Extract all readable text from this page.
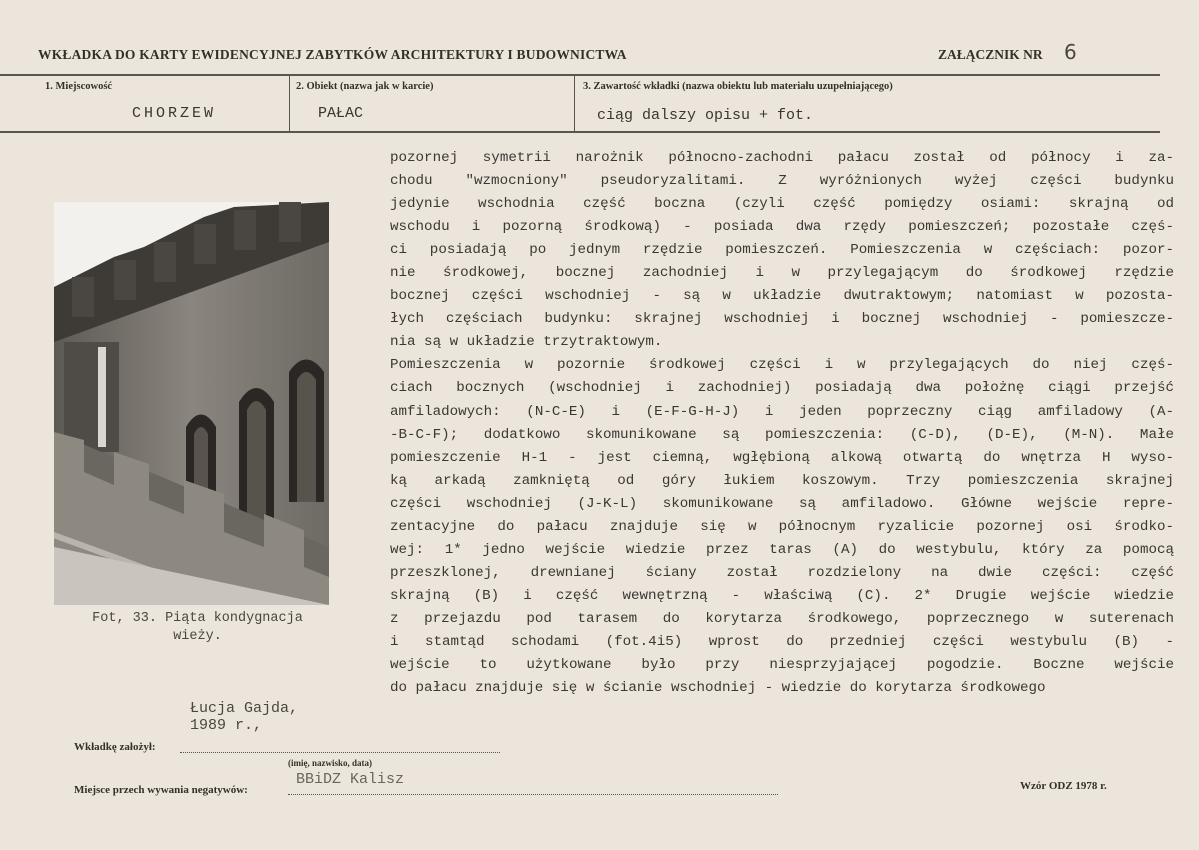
WKŁADKA DO KARTY EWIDENCYJNEJ ZABYTKÓW ARCHITEKTURY I BUDOWNICTWA	ZAŁĄCZNIK NR 6
1. Miejscowość
CHORZEW
2. Obiekt (nazwa jak w karcie)
PAŁAC
3. Zawartość wkładki (nazwa obiektu lub materiału uzupełniającego)
ciąg dalszy opisu + fot.
Fot, 33. Piąta kondygnacja
wieży.
pozornej symetrii narożnik północno-zachodni pałacu został od północy i za-
chodu "wzmocniony" pseudoryzalitami. Z wyróżnionych wyżej części budynku
jedynie wschodnia część boczna (czyli część pomiędzy osiami: skrajną od
wschodu i pozorną środkową) - posiada dwa rzędy pomieszczeń; pozostałe częś-
ci posiadają po jednym rzędzie pomieszczeń. Pomieszczenia w częściach: pozor-
nie środkowej, bocznej zachodniej i w przylegającym do środkowej rzędzie
bocznej części wschodniej - są w układzie dwutraktowym; natomiast w pozosta-
łych częściach budynku: skrajnej wschodniej i bocznej wschodniej - pomieszcze-
nia są w układzie trzytraktowym.
Pomieszczenia w pozornie środkowej części i w przylegających do niej częś-
ciach bocznych (wschodniej i zachodniej) posiadają dwa położnę ciągi przejść
amfiladowych: (N-C-E) i (E-F-G-H-J) i jeden poprzeczny ciąg amfiladowy (A-
-B-C-F); dodatkowo skomunikowane są pomieszczenia: (C-D), (D-E), (M-N). Małe
pomieszczenie H-1 - jest ciemną, wgłębioną alkową otwartą do wnętrza H wyso-
ką arkadą zamkniętą od góry łukiem koszowym. Trzy pomieszczenia skrajnej
części wschodniej (J-K-L) skomunikowane są amfiladowo. Główne wejście repre-
zentacyjne do pałacu znajduje się w północnym ryzalicie pozornej osi środko-
wej: 1* jedno wejście wiedzie przez taras (A) do westybulu, który za pomocą
przeszklonej, drewnianej ściany został rozdzielony na dwie części: część
skrajną (B) i część wewnętrzną - właściwą (C). 2* Drugie wejście wiedzie
z przejazdu pod tarasem do korytarza środkowego, poprzecznego w suterenach
i stamtąd schodami (fot.4i5) wprost do przedniej części westybulu (B) -
wejście to użytkowane było przy niesprzyjającej pogodzie. Boczne wejście
do pałacu znajduje się w ścianie wschodniej - wiedzie do korytarza środkowego
Łucja Gajda,
1989 r.,
Wkładkę założył:
(imię, nazwisko, data)
Miejsce przech wywania negatywów:
BBiDZ Kalisz	Wzór ODZ 1978 r.
